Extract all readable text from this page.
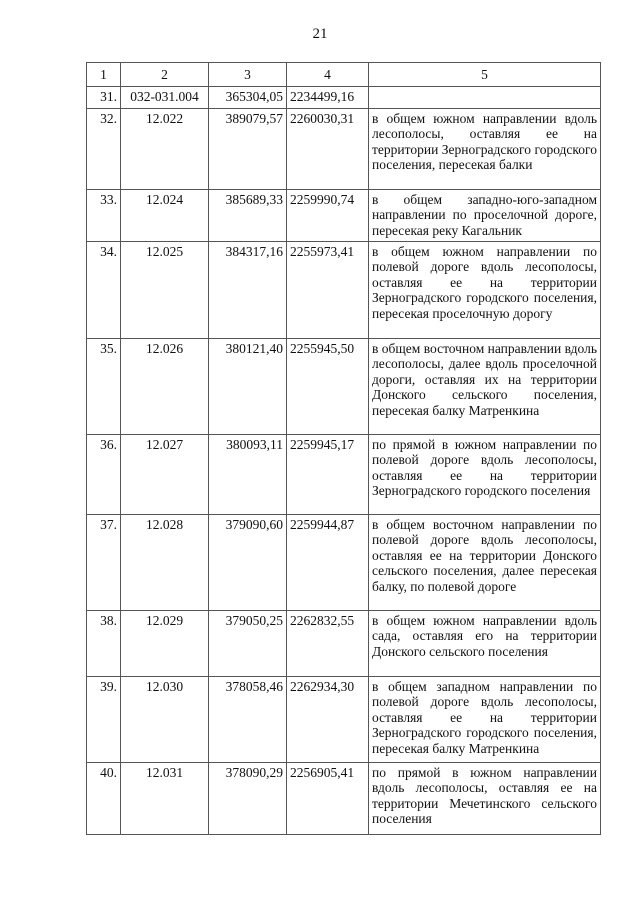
21
1	2	3	4	5
31.	032-031.004	365304,05	2234499,16	
32.	12.022	389079,57	2260030,31	в общем южном направлении вдоль лесополосы, оставляя ее на территории Зерноградского городского поселения, пересекая балки
33.	12.024	385689,33	2259990,74	в общем западно-юго-западном направлении по проселочной дороге, пересекая реку Кагальник
34.	12.025	384317,16	2255973,41	в общем южном направлении по полевой дороге вдоль лесополосы, оставляя ее на территории Зерноградского городского поселения, пересекая проселочную дорогу
35.	12.026	380121,40	2255945,50	в общем восточном направлении вдоль лесополосы, далее вдоль проселочной дороги, оставляя их на территории Донского сельского поселения, пересекая балку Матренкина
36.	12.027	380093,11	2259945,17	по прямой в южном направлении по полевой дороге вдоль лесополосы, оставляя ее на территории Зерноградского городского поселения
37.	12.028	379090,60	2259944,87	в общем восточном направлении по полевой дороге вдоль лесополосы, оставляя ее на территории Донского сельского поселения, далее пересекая балку, по полевой дороге
38.	12.029	379050,25	2262832,55	в общем южном направлении вдоль сада, оставляя его на территории Донского сельского поселения
39.	12.030	378058,46	2262934,30	в общем западном направлении по полевой дороге вдоль лесополосы, оставляя ее на территории Зерноградского городского поселения, пересекая балку Матренкина
40.	12.031	378090,29	2256905,41	по прямой в южном направлении вдоль лесополосы, оставляя ее на территории Мечетинского сельского поселения
